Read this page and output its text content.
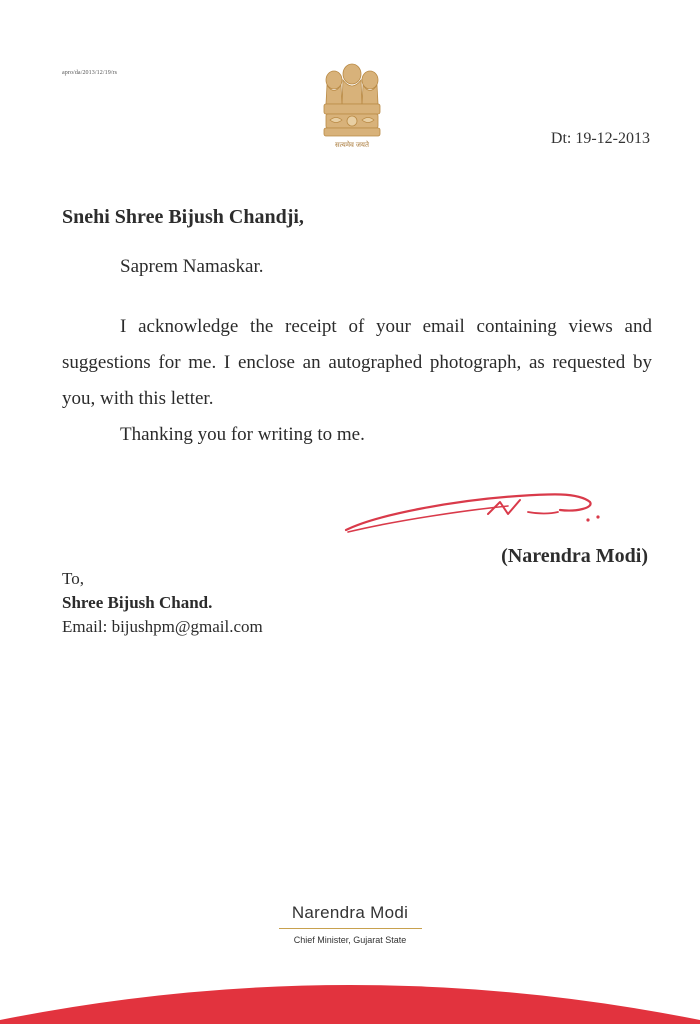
apro/da/2013/12/19/rs
सत्यमेव जयते	Dt: 19-12-2013
Snehi Shree Bijush Chandji,
Saprem Namaskar.
I acknowledge the receipt of your email containing views and suggestions for me. I enclose an autographed photograph, as requested by you, with this letter.
Thanking you for writing to me.
(Narendra Modi)
To,
Shree Bijush Chand.
Email: bijushpm@gmail.com
Narendra Modi
Chief Minister, Gujarat State
